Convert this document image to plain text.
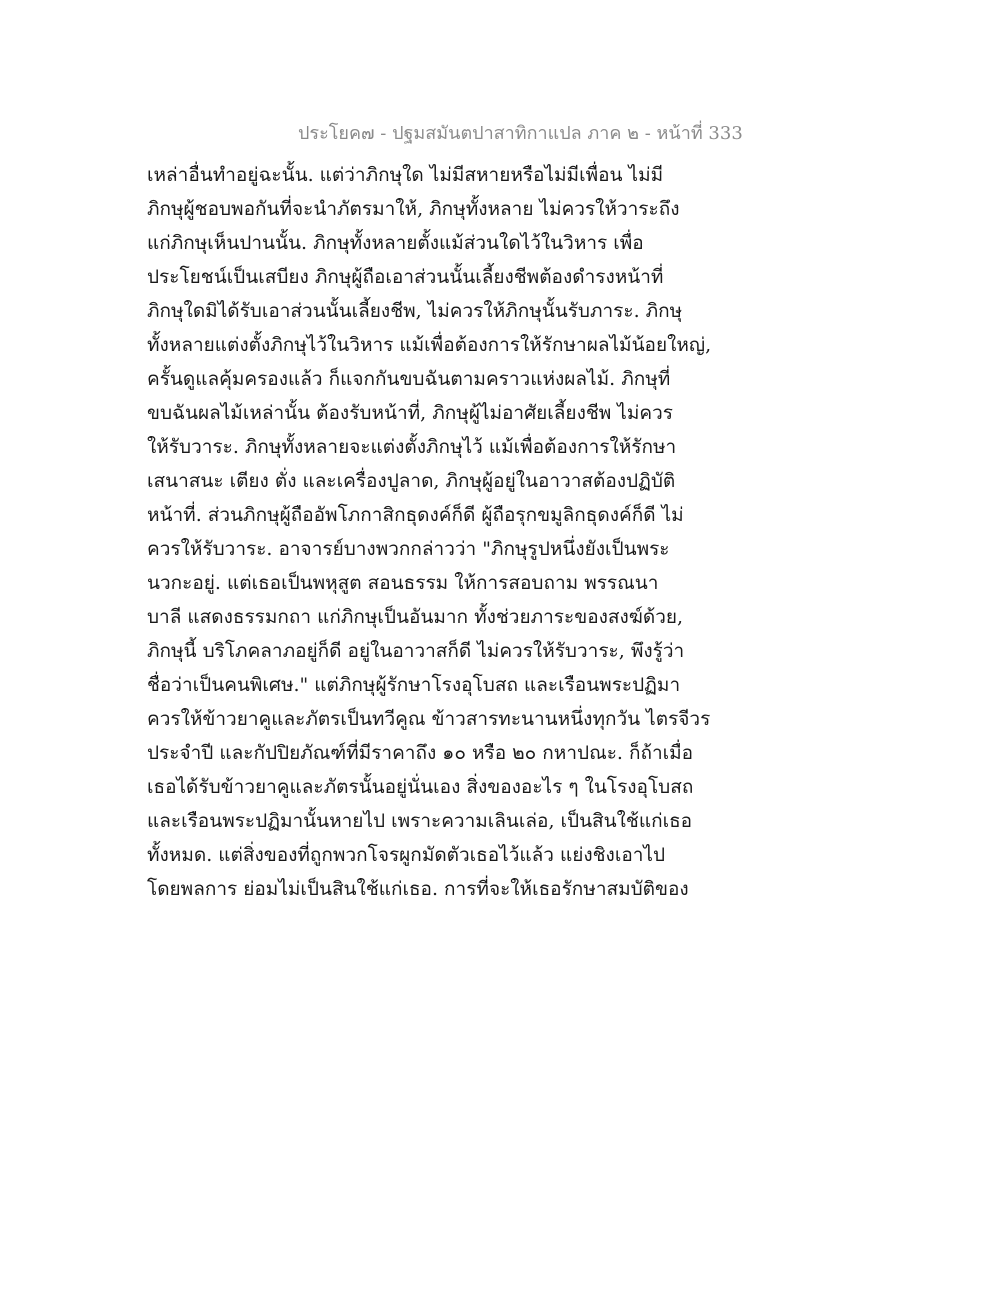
ประโยค๗ - ปฐมสมันตปาสาทิกาแปล ภาค ๒ - หน้าที่ 333
เหล่าอื่นทำอยู่ฉะนั้น. แต่ว่าภิกษุใด ไม่มีสหายหรือไม่มีเพื่อน ไม่มี
ภิกษุผู้ชอบพอกันที่จะนำภัตรมาให้, ภิกษุทั้งหลาย ไม่ควรให้วาระถึง
แก่ภิกษุเห็นปานนั้น. ภิกษุทั้งหลายตั้งแม้ส่วนใดไว้ในวิหาร เพื่อ
ประโยชน์เป็นเสบียง ภิกษุผู้ถือเอาส่วนนั้นเลี้ยงชีพต้องดำรงหน้าที่
ภิกษุใดมิได้รับเอาส่วนนั้นเลี้ยงชีพ, ไม่ควรให้ภิกษุนั้นรับภาระ. ภิกษุ
ทั้งหลายแต่งตั้งภิกษุไว้ในวิหาร แม้เพื่อต้องการให้รักษาผลไม้น้อยใหญ่,
ครั้นดูแลคุ้มครองแล้ว ก็แจกกันขบฉันตามคราวแห่งผลไม้. ภิกษุที่
ขบฉันผลไม้เหล่านั้น ต้องรับหน้าที่, ภิกษุผู้ไม่อาศัยเลี้ยงชีพ ไม่ควร
ให้รับวาระ. ภิกษุทั้งหลายจะแต่งตั้งภิกษุไว้ แม้เพื่อต้องการให้รักษา
เสนาสนะ เตียง ตั่ง และเครื่องปูลาด, ภิกษุผู้อยู่ในอาวาสต้องปฏิบัติ
หน้าที่. ส่วนภิกษุผู้ถืออัพโภกาสิกธุดงค์ก็ดี ผู้ถือรุกขมูลิกธุดงค์ก็ดี ไม่
ควรให้รับวาระ. อาจารย์บางพวกกล่าวว่า "ภิกษุรูปหนึ่งยังเป็นพระ
นวกะอยู่. แต่เธอเป็นพหุสูต สอนธรรม ให้การสอบถาม พรรณนา
บาลี แสดงธรรมกถา แก่ภิกษุเป็นอันมาก ทั้งช่วยภาระของสงฆ์ด้วย,
ภิกษุนี้ บริโภคลาภอยู่ก็ดี อยู่ในอาวาสก็ดี ไม่ควรให้รับวาระ, พึงรู้ว่า
ชื่อว่าเป็นคนพิเศษ." แต่ภิกษุผู้รักษาโรงอุโบสถ และเรือนพระปฏิมา
ควรให้ข้าวยาคูและภัตรเป็นทวีคูณ ข้าวสารทะนานหนึ่งทุกวัน ไตรจีวร
ประจำปี และกัปปิยภัณฑ์ที่มีราคาถึง ๑๐ หรือ ๒๐ กหาปณะ. ก็ถ้าเมื่อ
เธอได้รับข้าวยาคูและภัตรนั้นอยู่นั่นเอง สิ่งของอะไร ๆ ในโรงอุโบสถ
และเรือนพระปฏิมานั้นหายไป เพราะความเลินเล่อ, เป็นสินใช้แก่เธอ
ทั้งหมด. แต่สิ่งของที่ถูกพวกโจรผูกมัดตัวเธอไว้แล้ว แย่งชิงเอาไป
โดยพลการ ย่อมไม่เป็นสินใช้แก่เธอ. การที่จะให้เธอรักษาสมบัติของ
